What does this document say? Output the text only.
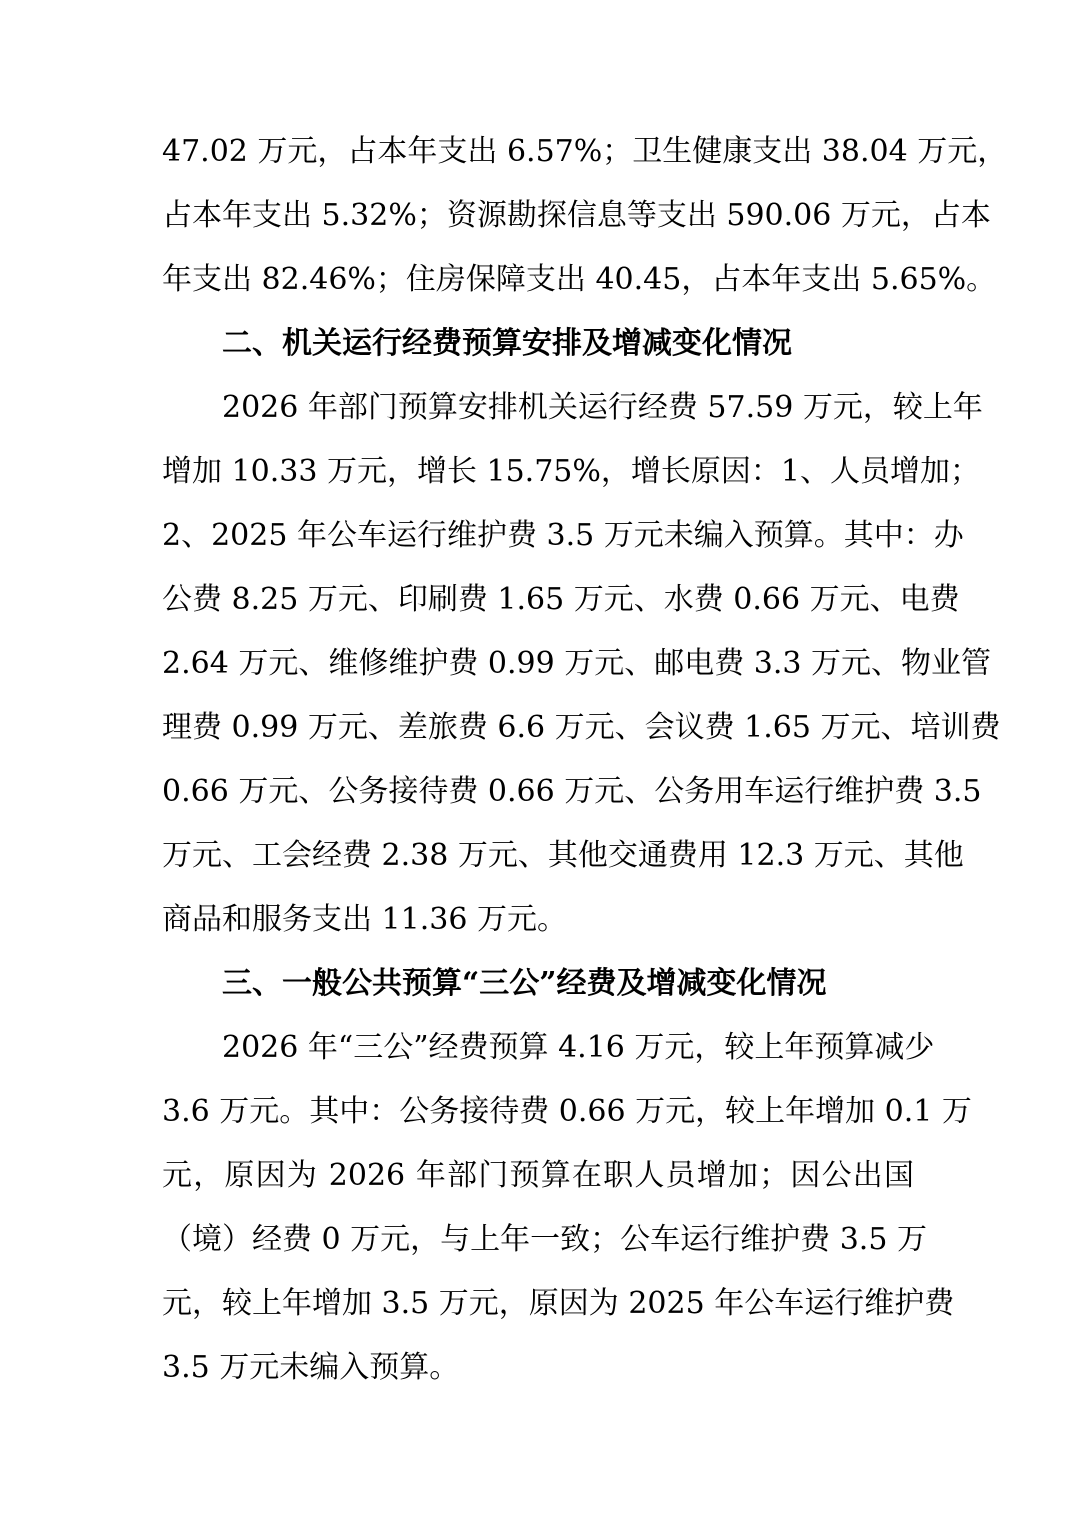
47.02 万元，占本年支出 6.57%；卫生健康支出 38.04 万元，
占本年支出 5.32%；资源勘探信息等支出 590.06 万元，占本
年支出 82.46%；住房保障支出 40.45，占本年支出 5.65%。
二、机关运行经费预算安排及增减变化情况
2026 年部门预算安排机关运行经费 57.59 万元，较上年
增加 10.33 万元，增长 15.75%，增长原因：1、人员增加；
2、2025 年公车运行维护费 3.5 万元未编入预算。其中：办
公费 8.25 万元、印刷费 1.65 万元、水费 0.66 万元、电费
2.64 万元、维修维护费 0.99 万元、邮电费 3.3 万元、物业管
理费 0.99 万元、差旅费 6.6 万元、会议费 1.65 万元、培训费
0.66 万元、公务接待费 0.66 万元、公务用车运行维护费 3.5
万元、工会经费 2.38 万元、其他交通费用 12.3 万元、其他
商品和服务支出 11.36 万元。
三、一般公共预算“三公”经费及增减变化情况
2026 年“三公”经费预算 4.16 万元，较上年预算减少
3.6 万元。其中：公务接待费 0.66 万元，较上年增加 0.1 万
元，原因为 2026 年部门预算在职人员增加；因公出国
（境）经费 0 万元，与上年一致；公车运行维护费 3.5 万
元，较上年增加 3.5 万元，原因为 2025 年公车运行维护费
3.5 万元未编入预算。
